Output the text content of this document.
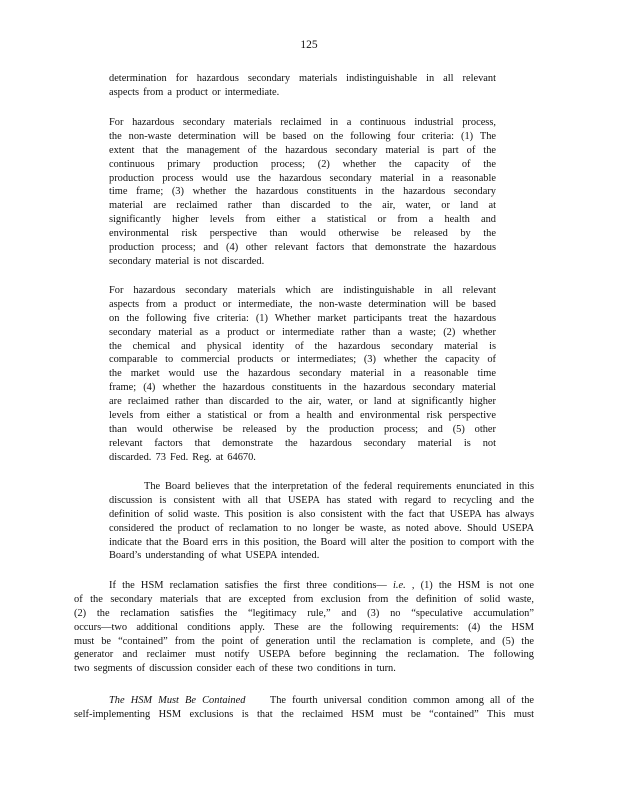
125
determination for hazardous secondary materials indistinguishable in all relevant
aspects from a product or intermediate.
For hazardous secondary materials reclaimed in a continuous industrial process,
the non-waste determination will be based on the following four criteria: (1) The
extent that the management of the hazardous secondary material is part of the
continuous primary production process; (2) whether the capacity of the
production process would use the hazardous secondary material in a reasonable
time frame; (3) whether the hazardous constituents in the hazardous secondary
material are reclaimed rather than discarded to the air, water, or land at
significantly higher levels from either a statistical or from a health and
environmental risk perspective than would otherwise be released by the
production process; and (4) other relevant factors that demonstrate the hazardous
secondary material is not discarded.
For hazardous secondary materials which are indistinguishable in all relevant
aspects from a product or intermediate, the non-waste determination will be based
on the following five criteria: (1) Whether market participants treat the hazardous
secondary material as a product or intermediate rather than a waste; (2) whether
the chemical and physical identity of the hazardous secondary material is
comparable to commercial products or intermediates; (3) whether the capacity of
the market would use the hazardous secondary material in a reasonable time
frame; (4) whether the hazardous constituents in the hazardous secondary material
are reclaimed rather than discarded to the air, water, or land at significantly higher
levels from either a statistical or from a health and environmental risk perspective
than would otherwise be released by the production process; and (5) other
relevant factors that demonstrate the hazardous secondary material is not
discarded. 73 Fed. Reg. at 64670.
The Board believes that the interpretation of the federal requirements enunciated in this
discussion is consistent with all that USEPA has stated with regard to recycling and the
definition of solid waste. This position is also consistent with the fact that USEPA has always
considered the product of reclamation to no longer be waste, as noted above. Should USEPA
indicate that the Board errs in this position, the Board will alter the position to comport with the
Board’s understanding of what USEPA intended.
If the HSM reclamation satisfies the first three conditions— i.e. , (1) the HSM is not one
of the secondary materials that are excepted from exclusion from the definition of solid waste,
(2) the reclamation satisfies the “legitimacy rule,” and (3) no “speculative accumulation”
occurs—two additional conditions apply. These are the following requirements: (4) the HSM
must be “contained” from the point of generation until the reclamation is complete, and (5) the
generator and reclaimer must notify USEPA before beginning the reclamation. The following
two segments of discussion consider each of these two conditions in turn.
The HSM Must Be Contained The fourth universal condition common among all of the
self-implementing HSM exclusions is that the reclaimed HSM must be “contained” This must
